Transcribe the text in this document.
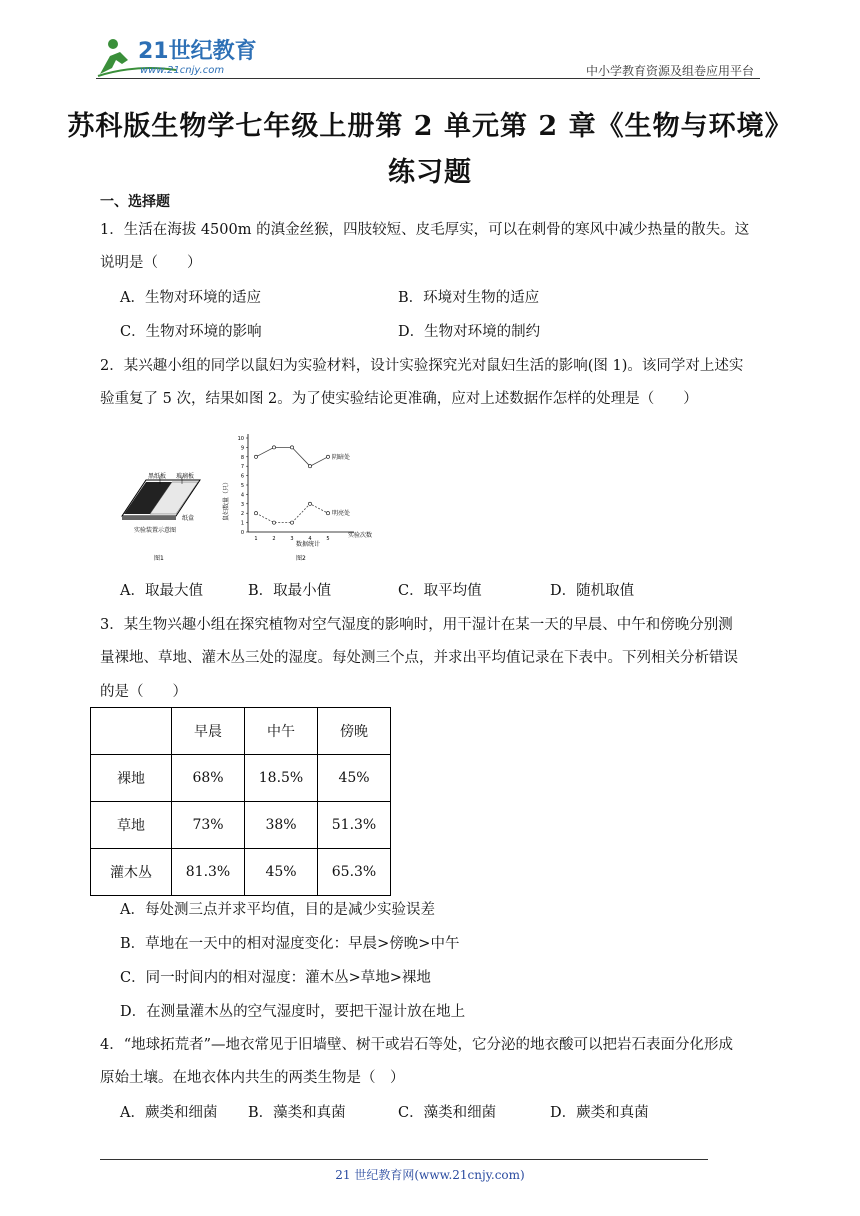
21世纪教育
www.21cnjy.com	中小学教育资源及组卷应用平台
苏科版生物学七年级上册第 2 单元第 2 章《生物与环境》
练习题
一、选择题
1．生活在海拔 4500m 的滇金丝猴，四肢较短、皮毛厚实，可以在刺骨的寒风中减少热量的散失。这
说明是（　　）
A．生物对环境的适应	B．环境对生物的适应
C．生物对环境的影响	D．生物对环境的制约
2．某兴趣小组的同学以鼠妇为实验材料，设计实验探究光对鼠妇生活的影响(图 1)。该同学对上述实
验重复了 5 次，结果如图 2。为了使实验结论更准确，应对上述数据作怎样的处理是（　　）
黑纸板 玻璃板
纸盒
实验装置示意图
图1
鼠妇数量（只）
数据统计
实验次数
图2
0
1
2
3
4
5
6
7
8
9
10
1	2	3	4	5
阴暗处
明亮处
A．取最大值	B．取最小值	C．取平均值	D．随机取值
3．某生物兴趣小组在探究植物对空气湿度的影响时，用干湿计在某一天的早晨、中午和傍晚分别测
量裸地、草地、灌木丛三处的湿度。每处测三个点，并求出平均值记录在下表中。下列相关分析错误
的是（　　）
	早晨	中午	傍晚
裸地	68%	18.5%	45%
草地	73%	38%	51.3%
灌木丛	81.3%	45%	65.3%
A．每处测三点并求平均值，目的是减少实验误差
B．草地在一天中的相对湿度变化：早晨>傍晚>中午
C．同一时间内的相对湿度：灌木丛>草地>裸地
D．在测量灌木丛的空气湿度时，要把干湿计放在地上
4．“地球拓荒者”—地衣常见于旧墙壁、树干或岩石等处，它分泌的地衣酸可以把岩石表面分化形成
原始土壤。在地衣体内共生的两类生物是（　）
A．蕨类和细菌 B．藻类和真菌	C．藻类和细菌	D．蕨类和真菌
21 世纪教育网(www.21cnjy.com)
